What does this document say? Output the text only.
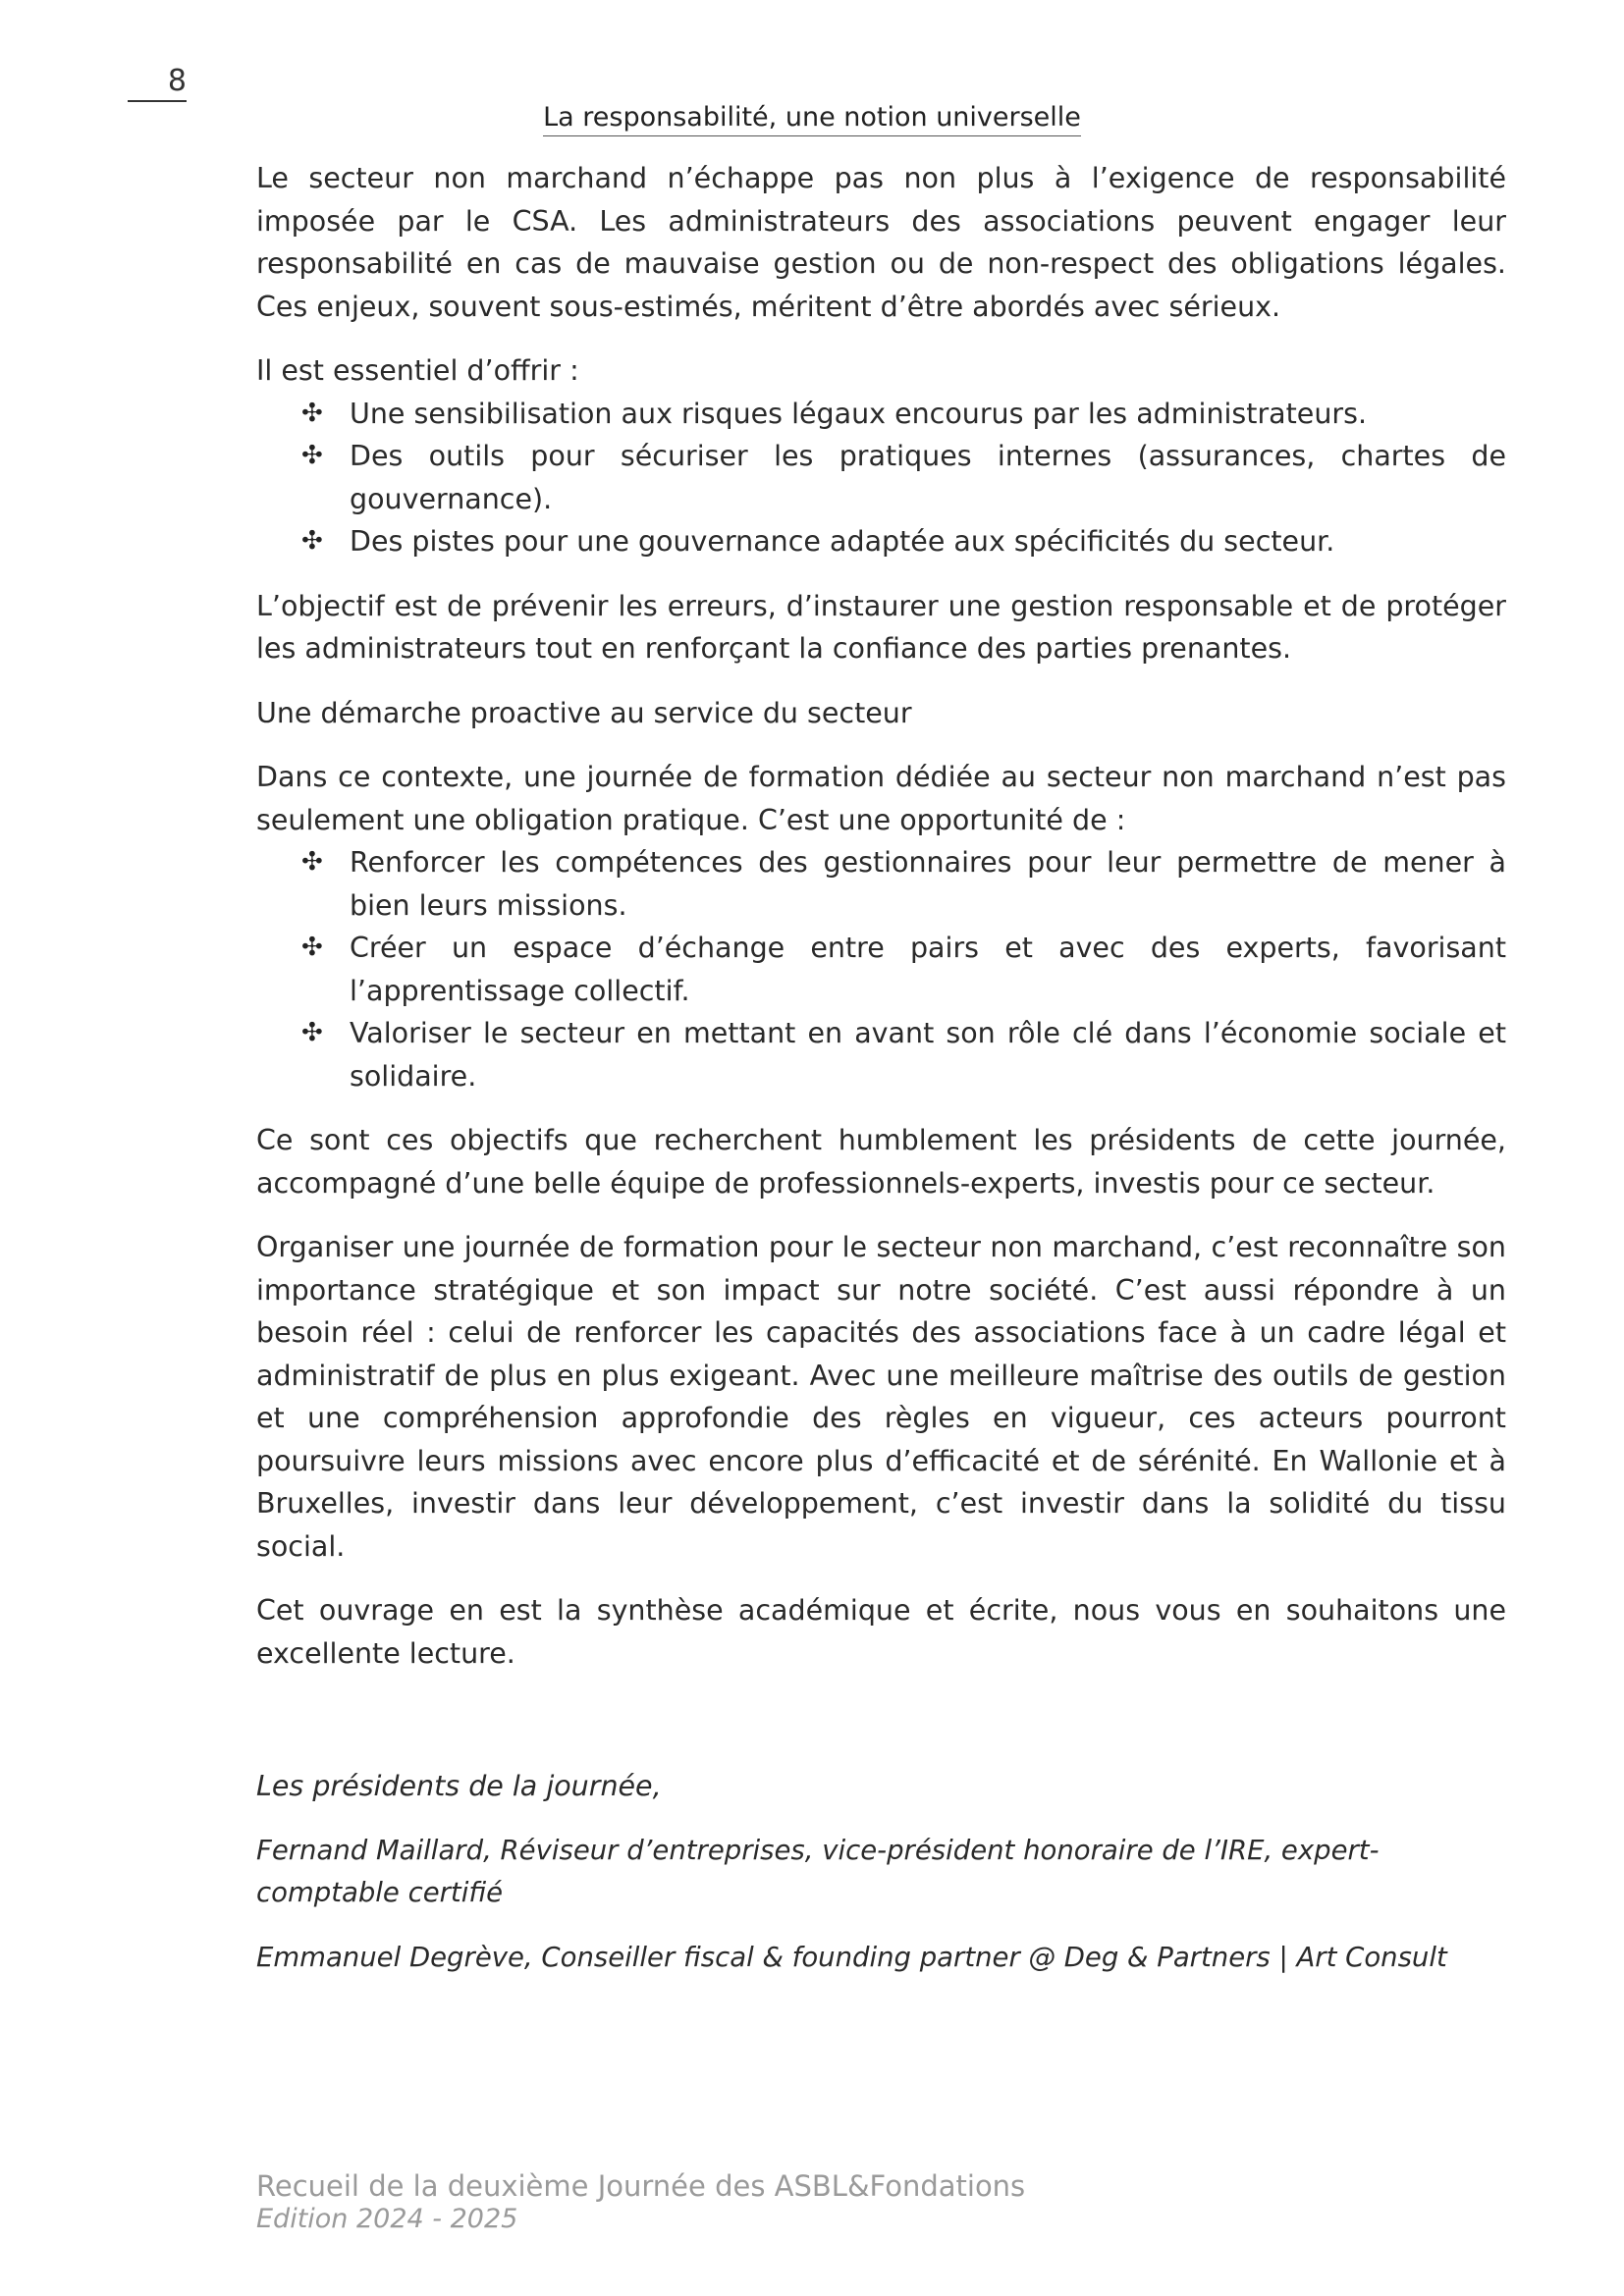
8
La responsabilité, une notion universelle

Le secteur non marchand n’échappe pas non plus à l’exigence de responsabilité imposée par le CSA. Les administrateurs des associations peuvent engager leur responsabilité en cas de mauvaise gestion ou de non-respect des obligations légales. Ces enjeux, souvent sous-estimés, méritent d’être abordés avec sérieux.

Il est essentiel d’offrir :

✣ Une sensibilisation aux risques légaux encourus par les administrateurs.
✣ Des outils pour sécuriser les pratiques internes (assurances, chartes de gouvernance).
✣ Des pistes pour une gouvernance adaptée aux spécificités du secteur.

L’objectif est de prévenir les erreurs, d’instaurer une gestion responsable et de protéger les administrateurs tout en renforçant la confiance des parties prenantes.

Une démarche proactive au service du secteur

Dans ce contexte, une journée de formation dédiée au secteur non marchand n’est pas seulement une obligation pratique. C’est une opportunité de :

✣ Renforcer les compétences des gestionnaires pour leur permettre de mener à bien leurs missions.
✣ Créer un espace d’échange entre pairs et avec des experts, favorisant l’apprentissage collectif.
✣ Valoriser le secteur en mettant en avant son rôle clé dans l’économie sociale et solidaire.

Ce sont ces objectifs que recherchent humblement les présidents de cette journée, accompagné d’une belle équipe de professionnels-experts, investis pour ce secteur.

Organiser une journée de formation pour le secteur non marchand, c’est reconnaître son importance stratégique et son impact sur notre société. C’est aussi répondre à un besoin réel : celui de renforcer les capacités des associations face à un cadre légal et administratif de plus en plus exigeant. Avec une meilleure maîtrise des outils de gestion et une compréhension approfondie des règles en vigueur, ces acteurs pourront poursuivre leurs missions avec encore plus d’efficacité et de sérénité. En Wallonie et à Bruxelles, investir dans leur développement, c’est investir dans la solidité du tissu social.

Cet ouvrage en est la synthèse académique et écrite, nous vous en souhaitons une excellente lecture.

Les présidents de la journée,

Fernand Maillard, Réviseur d’entreprises, vice-président honoraire de l’IRE, expert-comptable certifié

Emmanuel Degrève, Conseiller fiscal & founding partner @ Deg & Partners | Art Consult

Recueil de la deuxième Journée des ASBL&Fondations
Edition 2024 - 2025
